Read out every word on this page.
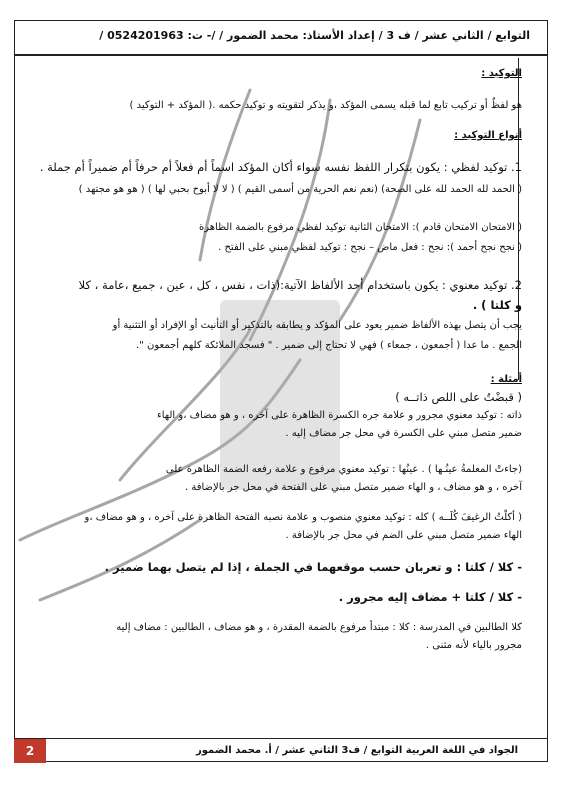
التوابع / الثاني عشر / ف 3 / إعداد الأستاذ: محمد الضمور / /- ت: 0524201963 /
التوكيد :
هو لفظٌ أو تركيب تابع لما قبله يسمى المؤكد ،و يذكر لتقويته و توكيد حكمه .( المؤكد + التوكيد )
أنواع التوكيد :
1. توكيد لفظي : يكون بتكرار اللفظ نفسه سواء أكان المؤكد اسماً أم فعلاً أم حرفاً أم ضميراً أم جملة .
( الحمد لله الحمد لله على الصحة) (نعم نعم الحرية من أسمى القيم ) ( لا لا أبوح بحبي لها ) ( هو هو مجتهد )
( الامتحان الامتحان قادم ): الامتحان الثانية توكيد لفظي مرفوع بالضمة الظاهرة
( نجح نجح أحمد ): نجح : فعل ماض – نجح : توكيد لفظي مبني على الفتح .
2. توكيد معنوي : يكون باستخدام أحد الألفاظ الآتية:(ذات ، نفس ، كل ، عين ، جميع ،عامة ، كلا
و كلتا ) .
يجب أن يتصل بهذه الألفاظ ضمير يعود على المؤكد و يطابقه بالتذكير أو التأنيث أو الإفراد أو التثنية أو
الجمع . ما عدا ( أجمعون ، جمعاء ) فهي لا تحتاج إلى ضمير . " فسجد الملائكة كلهم أجمعون ".
أمثلة :
( قبضْتُ على اللص ذاتــه )
ذاته : توكيد معنوي مجرور و علامة جره الكسرة الظاهرة على آخره ، و هو مضاف ،و الهاء
ضمير متصل مبني على الكسرة في محل جر مضاف إليه .
(جاءتْ المعلمةُ عينُـها ) . عينُها : توكيد معنوي مرفوع و علامة رفعه الضمة الظاهرة على
آخره ، و هو مضاف ، و الهاء ضمير متصل مبني على الفتحة في محل جر بالإضافة .
( أكلْتُ الرغيفَ كُلَــه ) كله : توكيد معنوي منصوب و علامة نصبه الفتحة الظاهرة على آخره ، و هو مضاف ،و
الهاء ضمير متصل مبني على الضم في محل جر بالإضافة .
- كلا / كلتا : و تعربان حسب موقعهما في الجملة ، إذا لم يتصل بهما ضمير .
- كلا / كلتا + مضاف إليه مجرور .
كلا الطالبين في المدرسة : كلا : مبتدأ مرفوع بالضمة المقدرة ، و هو مضاف ، الطالبين : مضاف إليه
مجرور بالياء لأنه مثنى .
2	الجواد في اللغة العربية التوابع / ف3 الثاني عشر / أ. محمد الضمور
